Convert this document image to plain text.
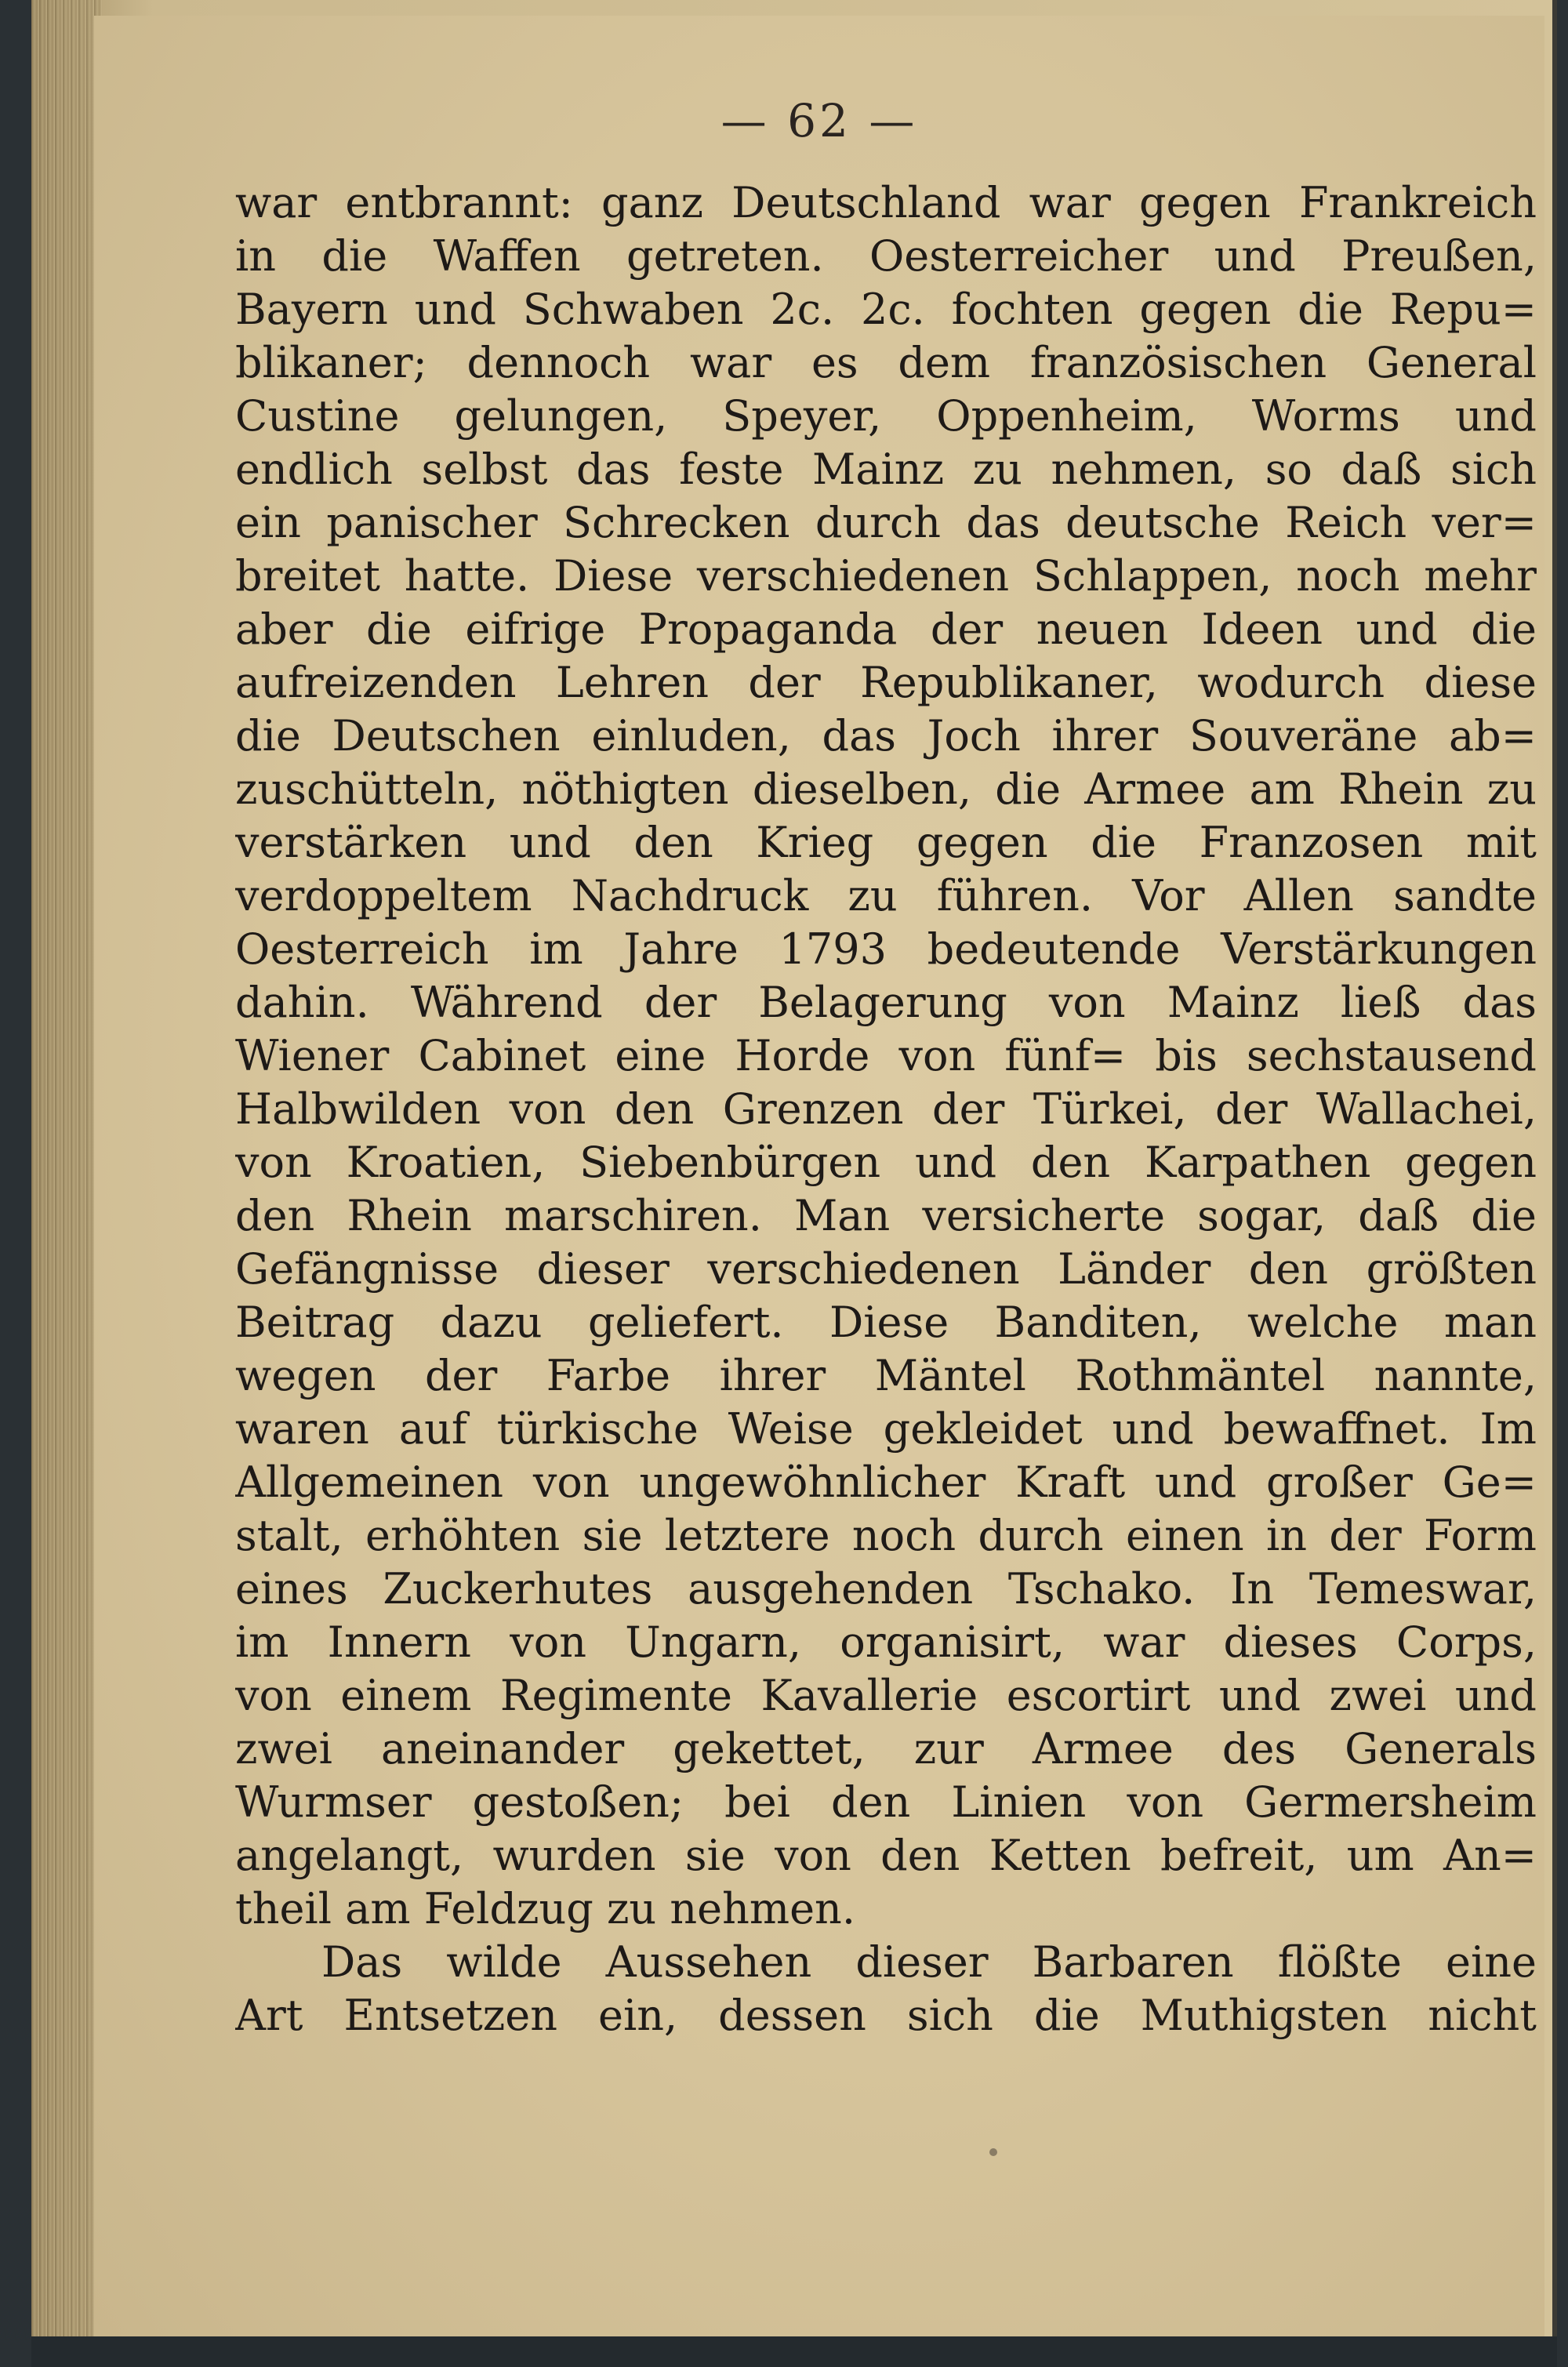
— 62 —
war entbrannt: ganz Deutschland war gegen Frankreich
in die Waffen getreten. Oesterreicher und Preußen,
Bayern und Schwaben 2c. 2c. fochten gegen die Repu=
blikaner; dennoch war es dem französischen General
Custine gelungen, Speyer, Oppenheim, Worms und
endlich selbst das feste Mainz zu nehmen, so daß sich
ein panischer Schrecken durch das deutsche Reich ver=
breitet hatte. Diese verschiedenen Schlappen, noch mehr
aber die eifrige Propaganda der neuen Ideen und die
aufreizenden Lehren der Republikaner, wodurch diese
die Deutschen einluden, das Joch ihrer Souveräne ab=
zuschütteln, nöthigten dieselben, die Armee am Rhein zu
verstärken und den Krieg gegen die Franzosen mit
verdoppeltem Nachdruck zu führen. Vor Allen sandte
Oesterreich im Jahre 1793 bedeutende Verstärkungen
dahin. Während der Belagerung von Mainz ließ das
Wiener Cabinet eine Horde von fünf= bis sechstausend
Halbwilden von den Grenzen der Türkei, der Wallachei,
von Kroatien, Siebenbürgen und den Karpathen gegen
den Rhein marschiren. Man versicherte sogar, daß die
Gefängnisse dieser verschiedenen Länder den größten
Beitrag dazu geliefert. Diese Banditen, welche man
wegen der Farbe ihrer Mäntel Rothmäntel nannte,
waren auf türkische Weise gekleidet und bewaffnet. Im
Allgemeinen von ungewöhnlicher Kraft und großer Ge=
stalt, erhöhten sie letztere noch durch einen in der Form
eines Zuckerhutes ausgehenden Tschako. In Temeswar,
im Innern von Ungarn, organisirt, war dieses Corps,
von einem Regimente Kavallerie escortirt und zwei und
zwei aneinander gekettet, zur Armee des Generals
Wurmser gestoßen; bei den Linien von Germersheim
angelangt, wurden sie von den Ketten befreit, um An=
theil am Feldzug zu nehmen.
Das wilde Aussehen dieser Barbaren flößte eine
Art Entsetzen ein, dessen sich die Muthigsten nicht
